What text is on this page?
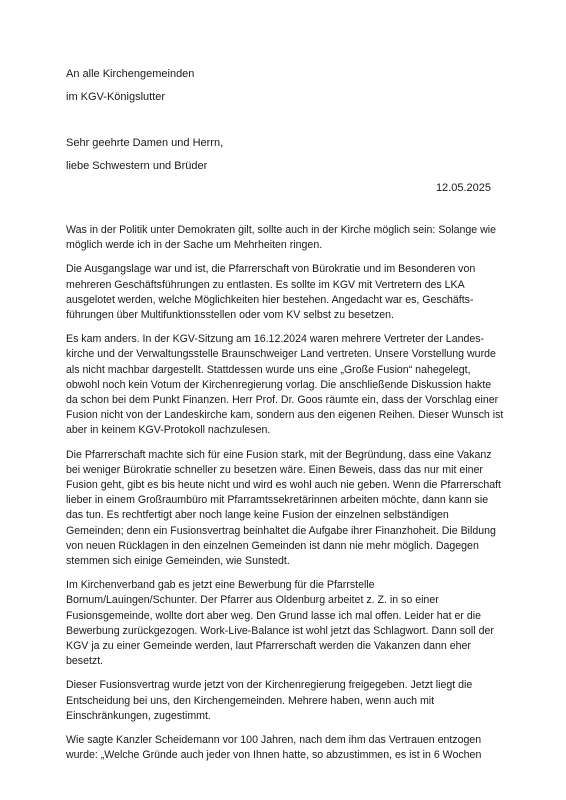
An alle Kirchengemeinden
im KGV-Königslutter
Sehr geehrte Damen und Herrn,
liebe Schwestern und Brüder
12.05.2025
Was in der Politik unter Demokraten gilt, sollte auch in der Kirche möglich sein: Solange wie
möglich werde ich in der Sache um Mehrheiten ringen.
Die Ausgangslage war und ist, die Pfarrerschaft von Bürokratie und im Besonderen von
mehreren Geschäftsführungen zu entlasten. Es sollte im KGV mit Vertretern des LKA
ausgelotet werden, welche Möglichkeiten hier bestehen. Angedacht war es, Geschäfts-
führungen über Multifunktionsstellen oder vom KV selbst zu besetzen.
Es kam anders. In der KGV-Sitzung am 16.12.2024 waren mehrere Vertreter der Landes-
kirche und der Verwaltungsstelle Braunschweiger Land vertreten. Unsere Vorstellung wurde
als nicht machbar dargestellt. Stattdessen wurde uns eine „Große Fusion“ nahegelegt,
obwohl noch kein Votum der Kirchenregierung vorlag. Die anschließende Diskussion hakte
da schon bei dem Punkt Finanzen. Herr Prof. Dr. Goos räumte ein, dass der Vorschlag einer
Fusion nicht von der Landeskirche kam, sondern aus den eigenen Reihen. Dieser Wunsch ist
aber in keinem KGV-Protokoll nachzulesen.
Die Pfarrerschaft machte sich für eine Fusion stark, mit der Begründung, dass eine Vakanz
bei weniger Bürokratie schneller zu besetzen wäre. Einen Beweis, dass das nur mit einer
Fusion geht, gibt es bis heute nicht und wird es wohl auch nie geben. Wenn die Pfarrerschaft
lieber in einem Großraumbüro mit Pfarramtssekretärinnen arbeiten möchte, dann kann sie
das tun. Es rechtfertigt aber noch lange keine Fusion der einzelnen selbständigen
Gemeinden; denn ein Fusionsvertrag beinhaltet die Aufgabe ihrer Finanzhoheit. Die Bildung
von neuen Rücklagen in den einzelnen Gemeinden ist dann nie mehr möglich. Dagegen
stemmen sich einige Gemeinden, wie Sunstedt.
Im Kirchenverband gab es jetzt eine Bewerbung für die Pfarrstelle
Bornum/Lauingen/Schunter. Der Pfarrer aus Oldenburg arbeitet z. Z. in so einer
Fusionsgemeinde, wollte dort aber weg. Den Grund lasse ich mal offen. Leider hat er die
Bewerbung zurückgezogen. Work-Live-Balance ist wohl jetzt das Schlagwort. Dann soll der
KGV ja zu einer Gemeinde werden, laut Pfarrerschaft werden die Vakanzen dann eher
besetzt.
Dieser Fusionsvertrag wurde jetzt von der Kirchenregierung freigegeben. Jetzt liegt die
Entscheidung bei uns, den Kirchengemeinden. Mehrere haben, wenn auch mit
Einschränkungen, zugestimmt.
Wie sagte Kanzler Scheidemann vor 100 Jahren, nach dem ihm das Vertrauen entzogen
wurde: „Welche Gründe auch jeder von Ihnen hatte, so abzustimmen, es ist in 6 Wochen
